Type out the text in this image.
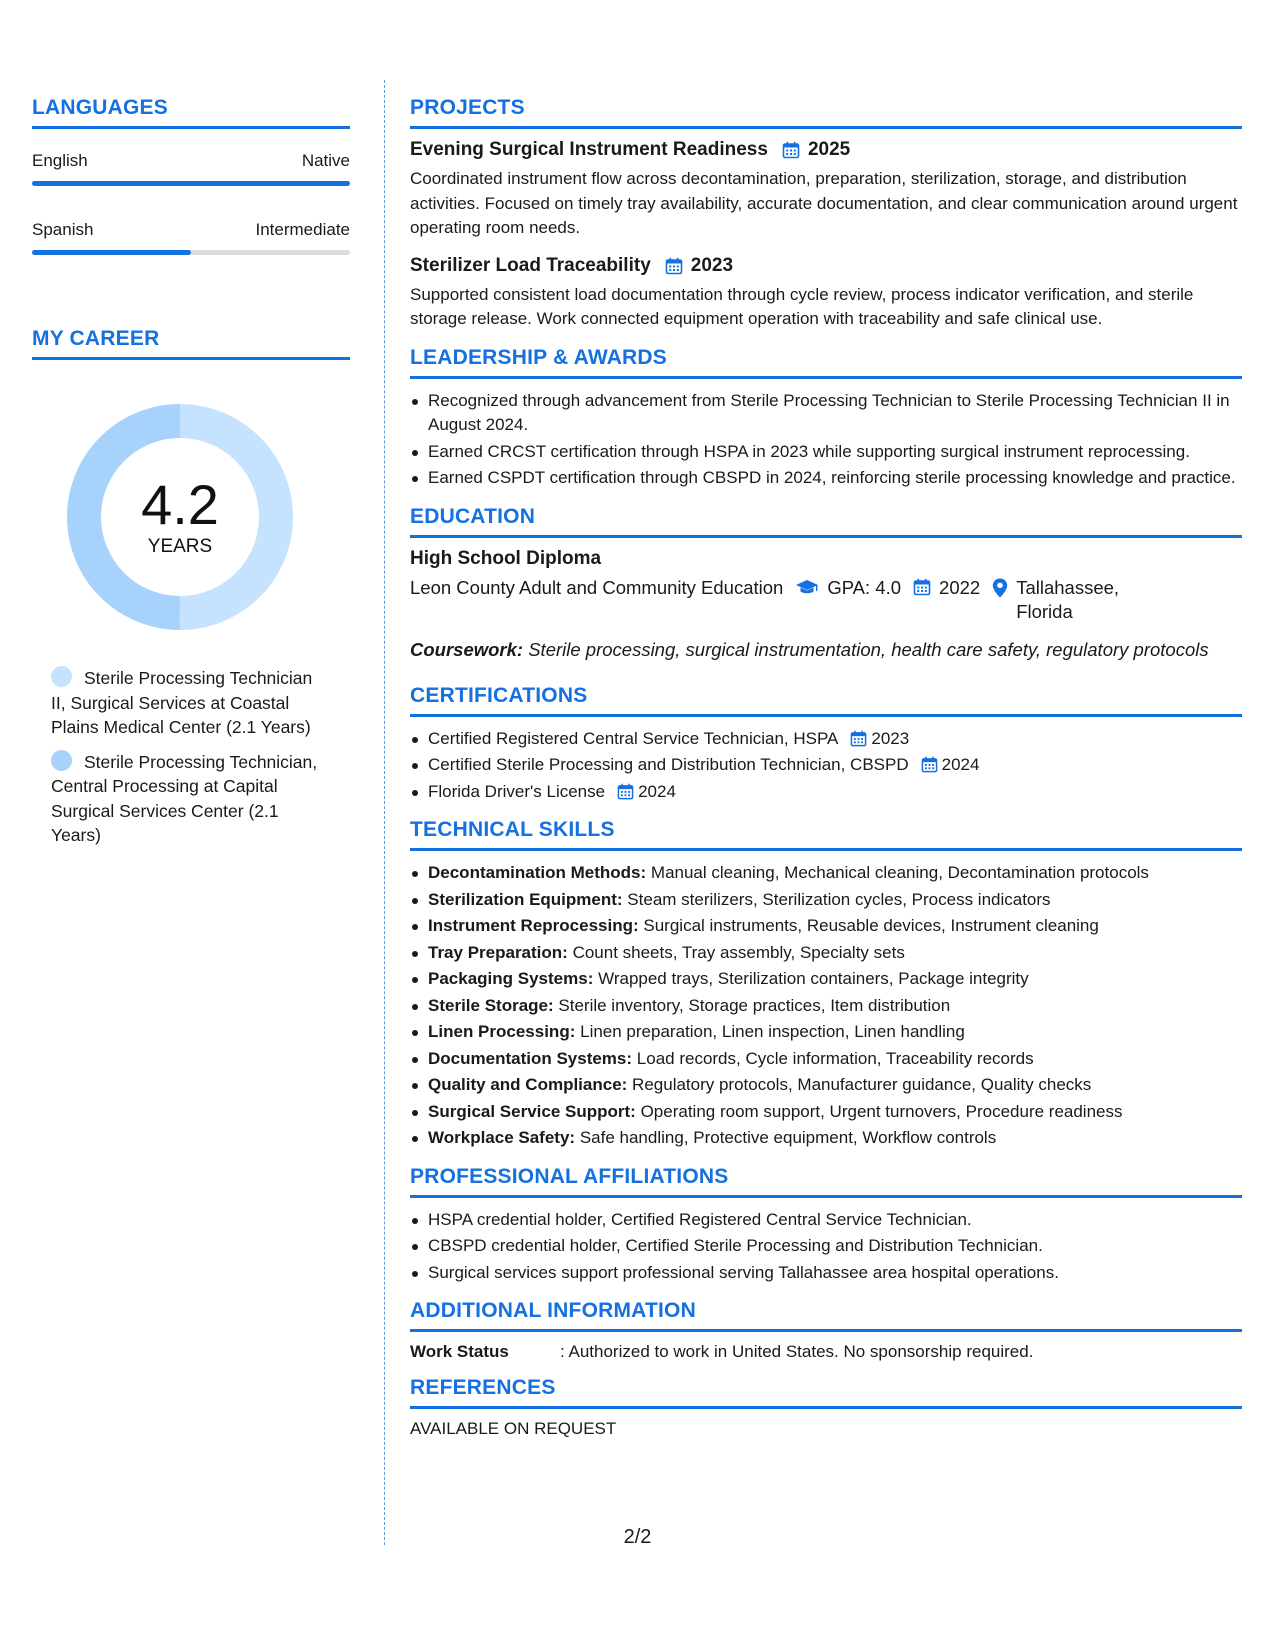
LANGUAGES
English	Native
Spanish	Intermediate
MY CAREER
4.2
YEARS
Sterile Processing Technician II, Surgical Services at Coastal Plains Medical Center (2.1 Years)
Sterile Processing Technician, Central Processing at Capital Surgical Services Center (2.1 Years)
PROJECTS
Evening Surgical Instrument Readiness 2025
Coordinated instrument flow across decontamination, preparation, sterilization, storage, and distribution activities. Focused on timely tray availability, accurate documentation, and clear communication around urgent operating room needs.
Sterilizer Load Traceability 2023
Supported consistent load documentation through cycle review, process indicator verification, and sterile storage release. Work connected equipment operation with traceability and safe clinical use.
LEADERSHIP & AWARDS
Recognized through advancement from Sterile Processing Technician to Sterile Processing Technician II in August 2024.
Earned CRCST certification through HSPA in 2023 while supporting surgical instrument reprocessing.
Earned CSPDT certification through CBSPD in 2024, reinforcing sterile processing knowledge and practice.
EDUCATION
High School Diploma
Leon County Adult and Community Education GPA: 4.0 2022 Tallahassee, Florida
Coursework: Sterile processing, surgical instrumentation, health care safety, regulatory protocols
CERTIFICATIONS
Certified Registered Central Service Technician, HSPA 2023
Certified Sterile Processing and Distribution Technician, CBSPD 2024
Florida Driver's License 2024
TECHNICAL SKILLS
Decontamination Methods: Manual cleaning, Mechanical cleaning, Decontamination protocols
Sterilization Equipment: Steam sterilizers, Sterilization cycles, Process indicators
Instrument Reprocessing: Surgical instruments, Reusable devices, Instrument cleaning
Tray Preparation: Count sheets, Tray assembly, Specialty sets
Packaging Systems: Wrapped trays, Sterilization containers, Package integrity
Sterile Storage: Sterile inventory, Storage practices, Item distribution
Linen Processing: Linen preparation, Linen inspection, Linen handling
Documentation Systems: Load records, Cycle information, Traceability records
Quality and Compliance: Regulatory protocols, Manufacturer guidance, Quality checks
Surgical Service Support: Operating room support, Urgent turnovers, Procedure readiness
Workplace Safety: Safe handling, Protective equipment, Workflow controls
PROFESSIONAL AFFILIATIONS
HSPA credential holder, Certified Registered Central Service Technician.
CBSPD credential holder, Certified Sterile Processing and Distribution Technician.
Surgical services support professional serving Tallahassee area hospital operations.
ADDITIONAL INFORMATION
Work Status	: Authorized to work in United States. No sponsorship required.
REFERENCES
AVAILABLE ON REQUEST
2/2
